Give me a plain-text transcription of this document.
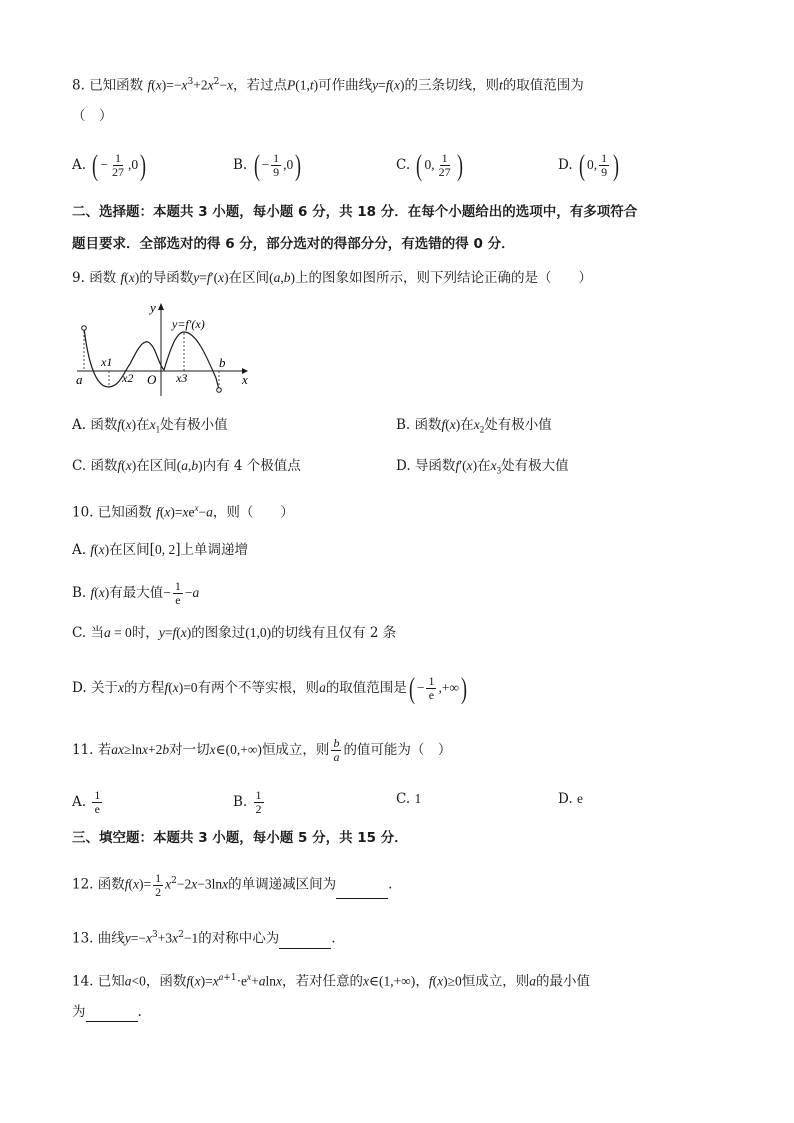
8. 已知函数 $f(x)=-x^3+2x^2-x$，若过点P(1,t)可作曲线y=f(x)的三条切线，则t的取值范围为
（　）
A. ( − $\frac{1}{27} ,0$)	B. ( − $\frac{1}{9} ,0$)	C. ( 0, $\frac{1}{27}$ )	D. ( 0, $\frac{1}{9}$ )
二、选择题：本题共 3 小题，每小题 6 分，共 18 分．在每个小题给出的选项中，有多项符合
题目要求．全部选对的得 6 分，部分选对的得部分分，有选错的得 0 分．
9. 函数 f(x)的导函数y=f′(x)在区间(a,b)上的图象如图所示，则下列结论正确的是（　　）
y
x
y=f′(x)
a
b
O
x1
x2	x3
A. 函数f(x)在$x_1$处有极小值	B. 函数f(x)在$x_2$处有极小值
C. 函数f(x)在区间(a,b)内有 4 个极值点	D. 导函数f′(x)在$x_3$处有极大值
10. 已知函数 $f(x)=xe^x-a$，则（　　）
A. f(x)在区间[0, 2]上单调递增
B. f(x)有最大值− $\frac{1}{e} -a$
C. 当a = 0时，y=f(x)的图象过(1,0)的切线有且仅有 2 条
D. 关于x的方程f(x)=0有两个不等实根，则a的取值范围是( − $\frac{1}{e}$ ,+∞)
11. 若ax≥lnx+2b对一切x∈(0,+∞)恒成立，则 $\frac{b}{a}$ 的值可能为（　）
A. $\frac{1}{e}$	B. $\frac{1}{2}$	C. 1	D. e
三、填空题：本题共 3 小题，每小题 5 分，共 15 分．
12. 函数$f(x)= \frac{1}{2} x^2-2x-3\ln x$的单调递减区间为	.
13. 曲线$y=-x^3+3x^2-1$的对称中心为	.
14. 已知a<0，函数$f(x)=x^{a+1}\cdot e^x+alnx$，若对任意的x∈(1,+∞)，f(x)≥0恒成立，则a的最小值
为	.
